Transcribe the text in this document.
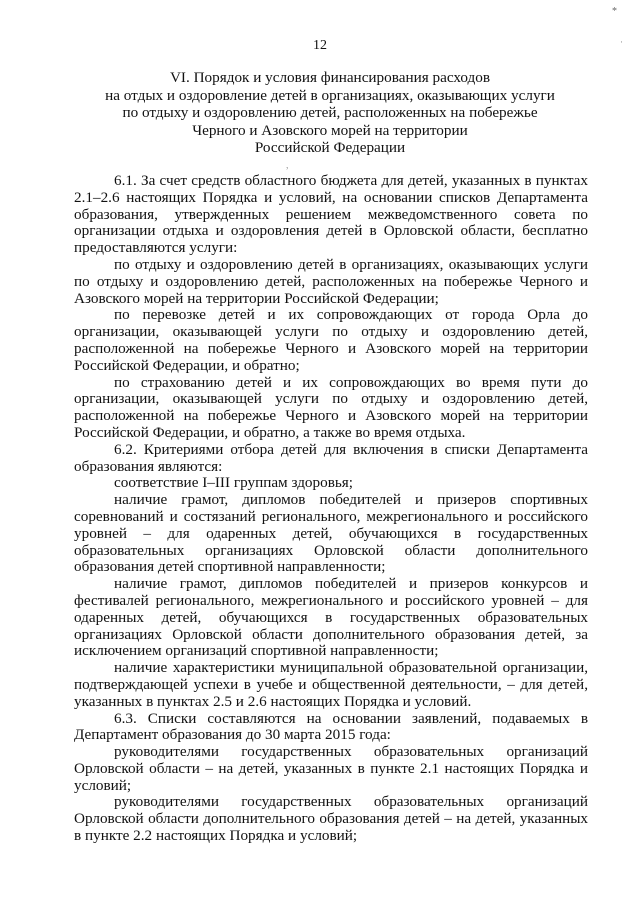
*
·
12
VI. Порядок и условия финансирования расходов
на отдых и оздоровление детей в организациях, оказывающих услуги
по отдыху и оздоровлению детей, расположенных на побережье
Черного и Азовского морей на территории
Российской Федерации
,

6.1. За счет средств областного бюджета для детей, указанных в пунктах 2.1–2.6 настоящих Порядка и условий, на основании списков Департамента образования, утвержденных решением межведомственного совета по организации отдыха и оздоровления детей в Орловской области, бесплатно предоставляются услуги:

по отдыху и оздоровлению детей в организациях, оказывающих услуги по отдыху и оздоровлению детей, расположенных на побережье Черного и Азовского морей на территории Российской Федерации;

по перевозке детей и их сопровождающих от города Орла до организации, оказывающей услуги по отдыху и оздоровлению детей, расположенной на побережье Черного и Азовского морей на территории Российской Федерации, и обратно;

по страхованию детей и их сопровождающих во время пути до организации, оказывающей услуги по отдыху и оздоровлению детей, расположенной на побережье Черного и Азовского морей на территории Российской Федерации, и обратно, а также во время отдыха.

6.2. Критериями отбора детей для включения в списки Департамента образования являются:

соответствие I–III группам здоровья;

наличие грамот, дипломов победителей и призеров спортивных соревнований и состязаний регионального, межрегионального и российского уровней – для одаренных детей, обучающихся в государственных образовательных организациях Орловской области дополнительного образования детей спортивной направленности;

наличие грамот, дипломов победителей и призеров конкурсов и фестивалей регионального, межрегионального и российского уровней – для одаренных детей, обучающихся в государственных образовательных организациях Орловской области дополнительного образования детей, за исключением организаций спортивной направленности;

наличие характеристики муниципальной образовательной организации, подтверждающей успехи в учебе и общественной деятельности, – для детей, указанных в пунктах 2.5 и 2.6 настоящих Порядка и условий.

6.3. Списки составляются на основании заявлений, подаваемых в Департамент образования до 30 марта 2015 года:

руководителями государственных образовательных организаций Орловской области – на детей, указанных в пункте 2.1 настоящих Порядка и условий;

руководителями государственных образовательных организаций Орловской области дополнительного образования детей – на детей, указанных в пункте 2.2 настоящих Порядка и условий;
